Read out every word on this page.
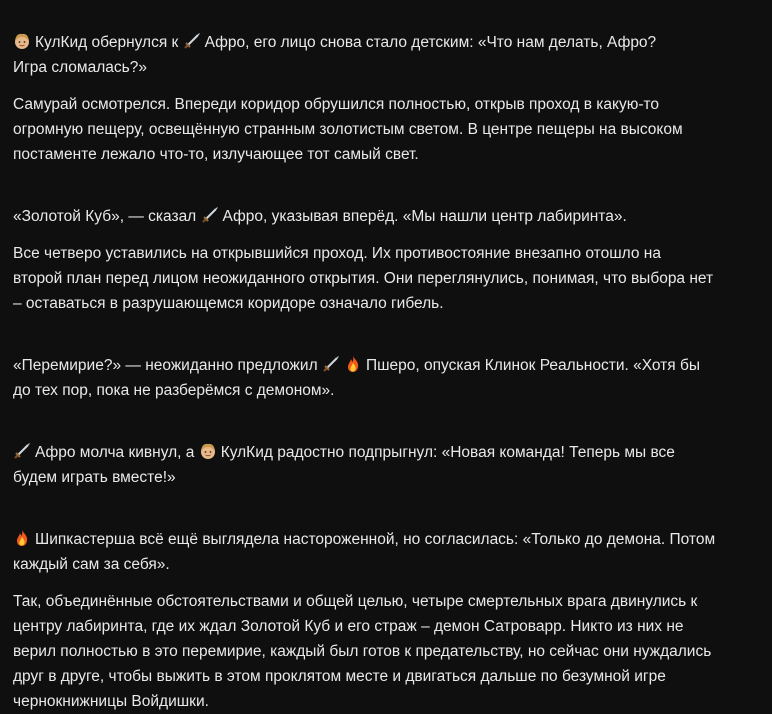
КулКид обернулся к
Афро, его лицо снова стало детским: «Что нам делать, Афро?
Игра сломалась?»

Самурай осмотрелся. Впереди коридор обрушился полностью, открыв проход в какую-то
огромную пещеру, освещённую странным золотистым светом. В центре пещеры на высоком
постаменте лежало что-то, излучающее тот самый свет.

«Золотой Куб», — сказал
Афро, указывая вперёд. «Мы нашли центр лабиринта».

Все четверо уставились на открывшийся проход. Их противостояние внезапно отошло на
второй план перед лицом неожиданного открытия. Они переглянулись, понимая, что выбора нет
– оставаться в разрушающемся коридоре означало гибель.

«Перемирие?» — неожиданно предложил	Пшеро, опуская Клинок Реальности. «Хотя бы
до тех пор, пока не разберёмся с демоном».

Афро молча кивнул, а
КулКид радостно подпрыгнул: «Новая команда! Теперь мы все
будем играть вместе!»

Шипкастерша всё ещё выглядела настороженной, но согласилась: «Только до демона. Потом
каждый сам за себя».

Так, объединённые обстоятельствами и общей целью, четыре смертельных врага двинулись к
центру лабиринта, где их ждал Золотой Куб и его страж – демон Сатроварр. Никто из них не
верил полностью в это перемирие, каждый был готов к предательству, но сейчас они нуждались
друг в друге, чтобы выжить в этом проклятом месте и двигаться дальше по безумной игре
чернокнижницы Войдишки.
